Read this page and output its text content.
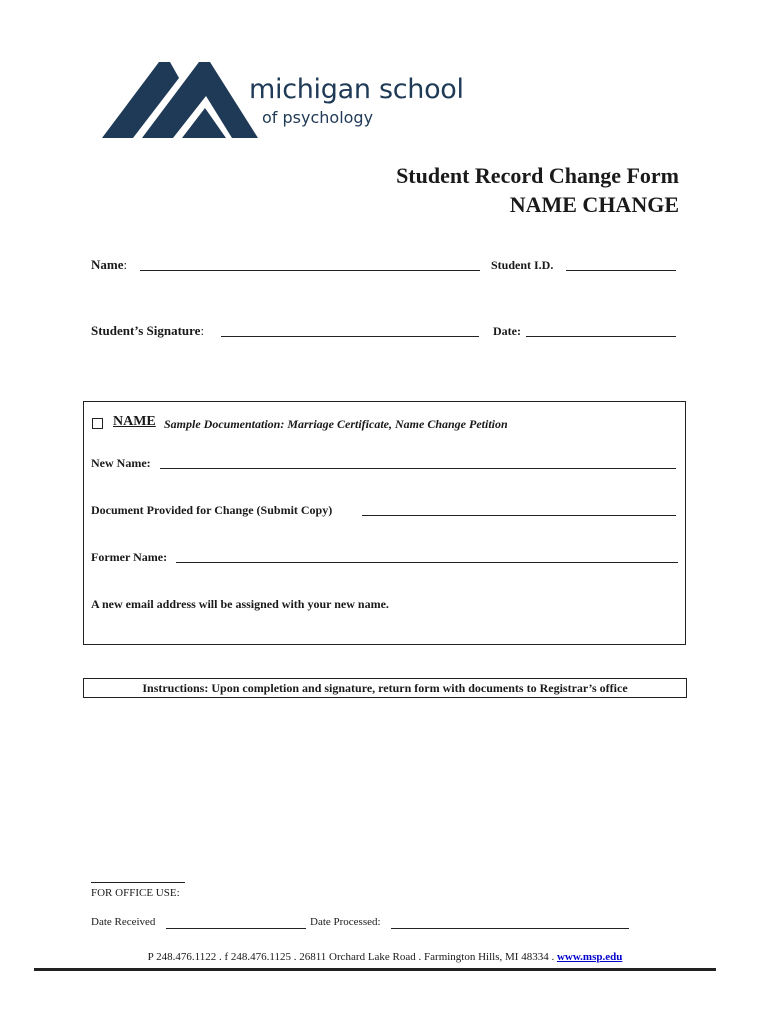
michigan school
of psychology
Student Record Change Form
NAME CHANGE
Name:	Student I.D.
Student’s Signature:	Date:
NAME Sample Documentation: Marriage Certificate, Name Change Petition
New Name:
Document Provided for Change (Submit Copy)
Former Name:
A new email address will be assigned with your new name.
Instructions: Upon completion and signature, return form with documents to Registrar’s office
FOR OFFICE USE:
Date Received	Date Processed:
P 248.476.1122 . f 248.476.1125 . 26811 Orchard Lake Road . Farmington Hills, MI 48334 . www.msp.edu
